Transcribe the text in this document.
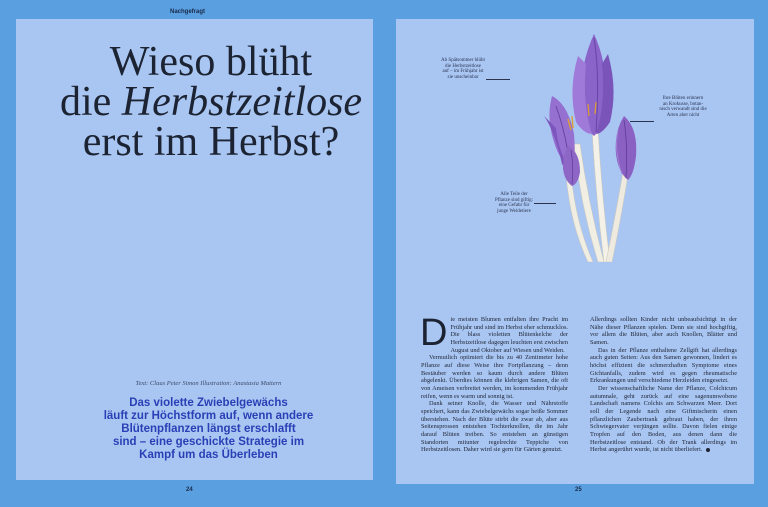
Nachgefragt
Wieso blüht
die Herbstzeitlose
erst im Herbst?
Text: Claus Peter Simon Illustration: Anastasia Mattern
Das violette Zwiebelgewächs
läuft zur Höchstform auf, wenn andere
Blütenpflanzen längst erschlafft
sind – eine geschickte Strategie im
Kampf um das Überleben
24	25
Ab Spätsommer blüht
die Herbstzeitlose
auf – im Frühjahr ist
sie unscheinbar
Ihre Blüten erinnern
an Krokusse, botan-
nisch verwandt sind die
Arten aber nicht
Alle Teile der
Pflanze sind giftig:
eine Gefahr für
junge Weidetiere

Die meisten Blumen entfalten ihre Pracht im Frühjahr und sind im Herbst eher schmucklos. Die blass violetten Blütenkelche der Herbstzeitlose dagegen leuchten erst zwischen August und Oktober auf Wiesen und Weiden.

Vermutlich optimiert die bis zu 40 Zentimeter hohe Pflanze auf diese Weise ihre Fortpflanzung – denn Bestäuber werden so kaum durch andere Blüten abgelenkt. Überdies können die klebrigen Samen, die oft von Ameisen verbreitet werden, im kommenden Frühjahr reifen, wenn es warm und sonnig ist.

Dank seiner Knolle, die Wasser und Nährstoffe speichert, kann das Zwiebelgewächs sogar heiße Sommer überstehen. Nach der Blüte stirbt die zwar ab, aber aus Seitensprossen entstehen Tochterknollen, die im Jahr darauf Blüten treiben. So entstehen an günstigen Standorten mitunter regelrechte Teppiche von Herbstzeitlosen. Daher wird sie gern für Gärten genutzt.

Allerdings sollten Kinder nicht unbeaufsichtigt in der Nähe dieser Pflanzen spielen. Denn sie sind hochgiftig, vor allem die Blüten, aber auch Knollen, Blätter und Samen.

Das in der Pflanze enthaltene Zellgift hat allerdings auch guten Seiten: Aus den Samen gewonnen, lindert es höchst effizient die schmerzhaften Symptome eines Gichtanfalls, zudem wird es gegen rheumatische Erkrankungen und verschiedene Herzleiden eingesetzt.

Der wissenschaftliche Name der Pflanze, Colchicum autumnale, geht zurück auf eine sagenumwobene Landschaft namens Colchis am Schwarzen Meer. Dort soll der Legende nach eine Giftmischerin einen pflanzlichen Zaubertrank gebraut haben, der ihren Schwiegervater verjüngen sollte. Davon fielen einige Tropfen auf den Boden, aus denen dann die Herbstzeitlose entstand. Ob der Trank allerdings im Herbst angerührt wurde, ist nicht überliefert.
